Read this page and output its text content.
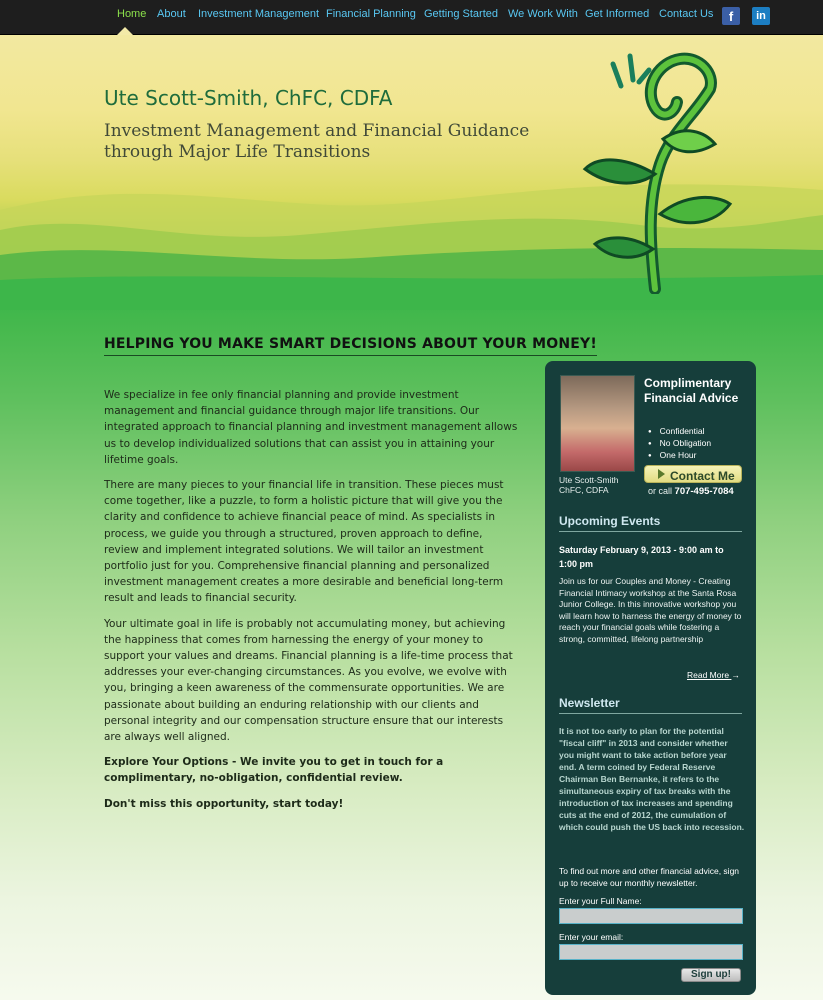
Home About Investment Management Financial Planning Getting Started We Work With Get Informed Contact Us	f	in
Ute Scott-Smith, ChFC, CDFA
Investment Management and Financial Guidance through Major Life Transitions
HELPING YOU MAKE SMART DECISIONS ABOUT YOUR MONEY!

We specialize in fee only financial planning and provide investment management and financial guidance through major life transitions. Our integrated approach to financial planning and investment management allows us to develop individualized solutions that can assist you in attaining your lifetime goals.

There are many pieces to your financial life in transition. These pieces must come together, like a puzzle, to form a holistic picture that will give you the clarity and confidence to achieve financial peace of mind. As specialists in process, we guide you through a structured, proven approach to define, review and implement integrated solutions. We will tailor an investment portfolio just for you. Comprehensive financial planning and personalized investment management creates a more desirable and beneficial long-term result and leads to financial security.

Your ultimate goal in life is probably not accumulating money, but achieving the happiness that comes from harnessing the energy of your money to support your values and dreams. Financial planning is a life-time process that addresses your ever-changing circumstances. As you evolve, we evolve with you, bringing a keen awareness of the commensurate opportunities. We are passionate about building an enduring relationship with our clients and personal integrity and our compensation structure ensure that our interests are always well aligned.

Explore Your Options - We invite you to get in touch for a complimentary, no-obligation, confidential review.

Don't miss this opportunity, start today!

Ute Scott-Smith
ChFC, CDFA
Complimentary Financial Advice
● Confidential
● No Obligation
● One Hour
Contact Me
or call 707-495-7084
Upcoming Events
Saturday February 9, 2013 - 9:00 am to 1:00 pm
Join us for our Couples and Money - Creating Financial Intimacy workshop at the Santa Rosa Junior College. In this innovative workshop you will learn how to harness the energy of money to reach your financial goals while fostering a strong, committed, lifelong partnership
Read More →
Newsletter
It is not too early to plan for the potential "fiscal cliff" in 2013 and consider whether you might want to take action before year end. A term coined by Federal Reserve Chairman Ben Bernanke, it refers to the simultaneous expiry of tax breaks with the introduction of tax increases and spending cuts at the end of 2012, the cumulation of which could push the US back into recession.
To find out more and other financial advice, sign up to receive our monthly newsletter.
Enter your Full Name:
Enter your email:
Sign up!
